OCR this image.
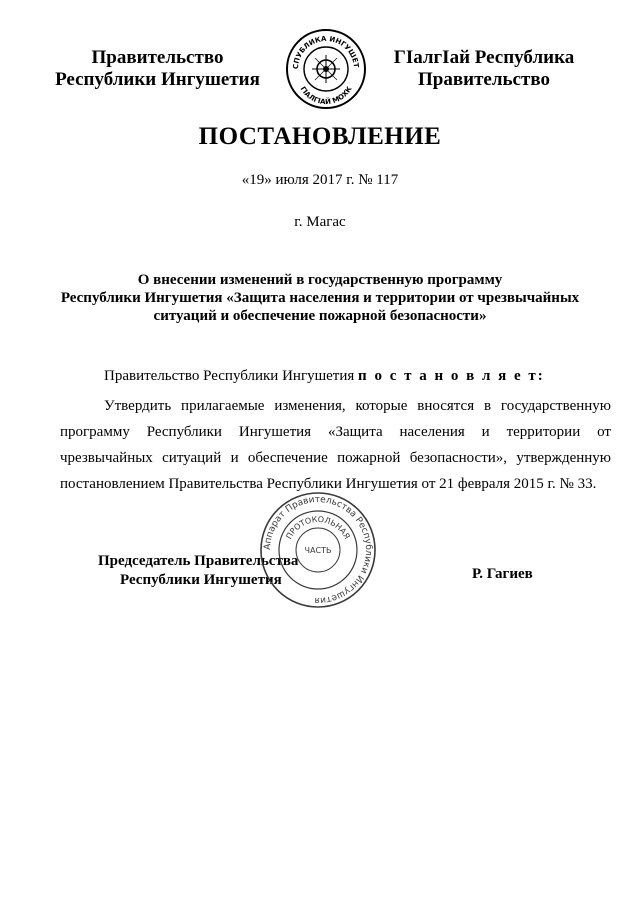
Правительство
Республики Ингушетия
СПУБЛИКА ИНГУШЕТ
ГIАЛГIАЙ МОХК
ГIалгIай Республика
Правительство
ПОСТАНОВЛЕНИЕ
«19» июля 2017 г. № 117
г. Магас
О внесении изменений в государственную программу
Республики Ингушетия «Защита населения и территории от чрезвычайных
ситуаций и обеспечение пожарной безопасности»
Правительство Республики Ингушетия п о с т а н о в л я е т:
Утвердить прилагаемые изменения, которые вносятся в государственную программу Республики Ингушетия «Защита населения и территории от чрезвычайных ситуаций и обеспечение пожарной безопасности», утвержденную постановлением Правительства Республики Ингушетия от 21 февраля 2015 г. № 33.
Председатель Правительства
Республики Ингушетия	Р. Гагиев
Аппарат Правительства Республики Ингушетия
ПРОТОКОЛЬНАЯ
ЧАСТЬ
